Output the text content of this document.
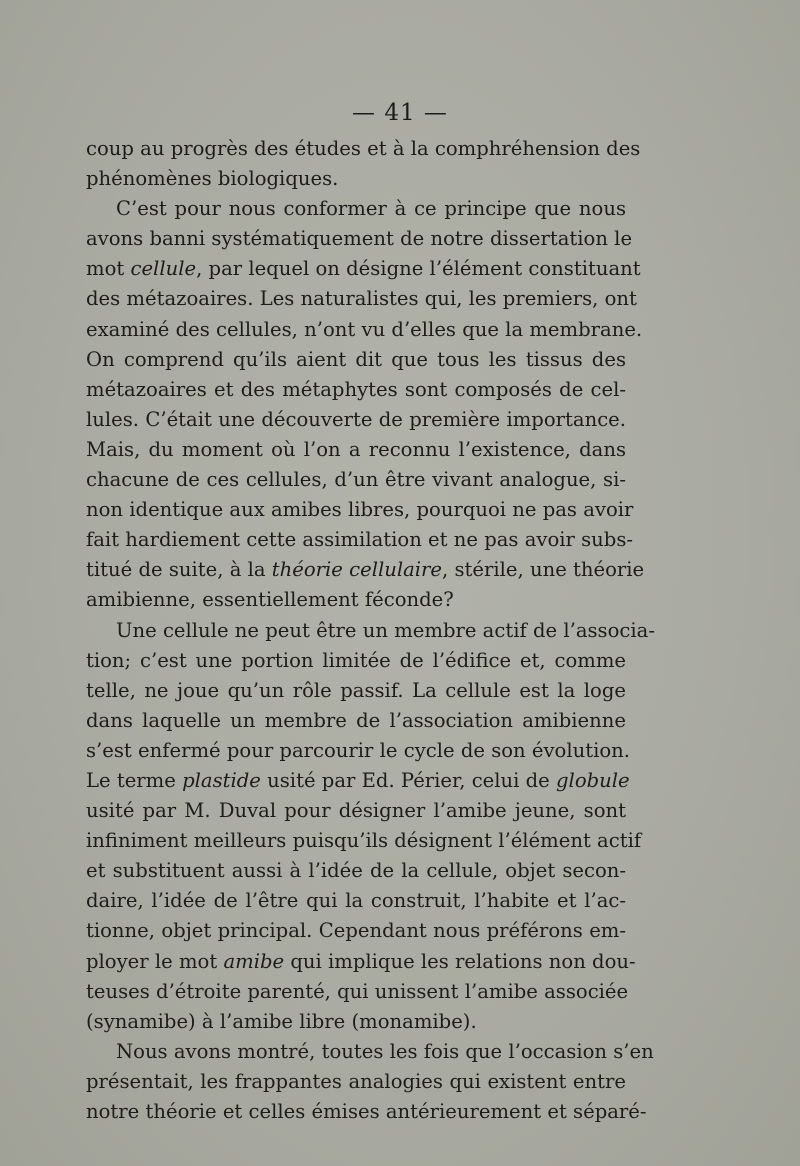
— 41 —
coup au progrès des études et à la comphréhension des
phénomènes biologiques.
C’est pour nous conformer à ce principe que nous
avons banni systématiquement de notre dissertation le
mot cellule, par lequel on désigne l’élément constituant
des métazoaires. Les naturalistes qui, les premiers, ont
examiné des cellules, n’ont vu d’elles que la membrane.
On comprend qu’ils aient dit que tous les tissus des
métazoaires et des métaphytes sont composés de cel-
lules. C’était une découverte de première importance.
Mais, du moment où l’on a reconnu l’existence, dans
chacune de ces cellules, d’un être vivant analogue, si-
non identique aux amibes libres, pourquoi ne pas avoir
fait hardiement cette assimilation et ne pas avoir subs-
titué de suite, à la théorie cellulaire, stérile, une théorie
amibienne, essentiellement féconde?
Une cellule ne peut être un membre actif de l’associa-
tion; c’est une portion limitée de l’édifice et, comme
telle, ne joue qu’un rôle passif. La cellule est la loge
dans laquelle un membre de l’association amibienne
s’est enfermé pour parcourir le cycle de son évolution.
Le terme plastide usité par Ed. Périer, celui de globule
usité par M. Duval pour désigner l’amibe jeune, sont
infiniment meilleurs puisqu’ils désignent l’élément actif
et substituent aussi à l’idée de la cellule, objet secon-
daire, l’idée de l’être qui la construit, l’habite et l’ac-
tionne, objet principal. Cependant nous préférons em-
ployer le mot amibe qui implique les relations non dou-
teuses d’étroite parenté, qui unissent l’amibe associée
(synamibe) à l’amibe libre (monamibe).
Nous avons montré, toutes les fois que l’occasion s’en
présentait, les frappantes analogies qui existent entre
notre théorie et celles émises antérieurement et séparé-
